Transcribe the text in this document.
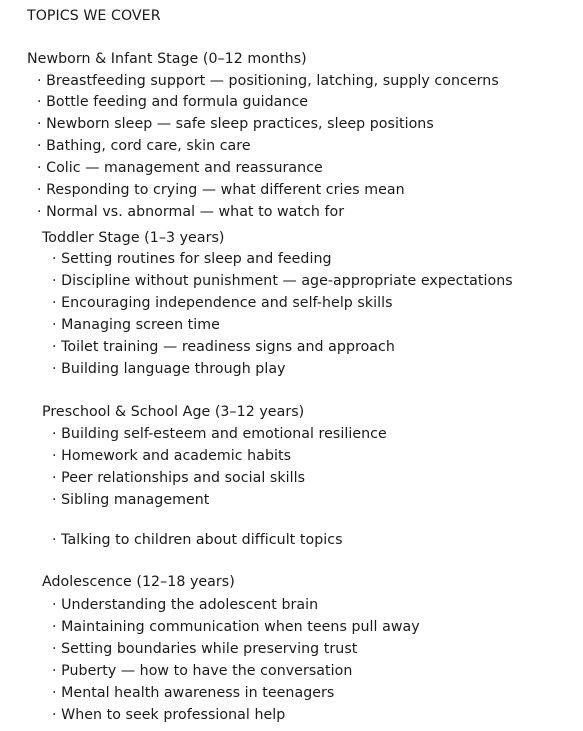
TOPICS WE COVER
Newborn & Infant Stage (0–12 months)
· Breastfeeding support — positioning, latching, supply concerns
· Bottle feeding and formula guidance
· Newborn sleep — safe sleep practices, sleep positions
· Bathing, cord care, skin care
· Colic — management and reassurance
· Responding to crying — what different cries mean
· Normal vs. abnormal — what to watch for
Toddler Stage (1–3 years)
· Setting routines for sleep and feeding
· Discipline without punishment — age-appropriate expectations
· Encouraging independence and self-help skills
· Managing screen time
· Toilet training — readiness signs and approach
· Building language through play
Preschool & School Age (3–12 years)
· Building self-esteem and emotional resilience
· Homework and academic habits
· Peer relationships and social skills
· Sibling management
· Talking to children about difficult topics
Adolescence (12–18 years)
· Understanding the adolescent brain
· Maintaining communication when teens pull away
· Setting boundaries while preserving trust
· Puberty — how to have the conversation
· Mental health awareness in teenagers
· When to seek professional help
